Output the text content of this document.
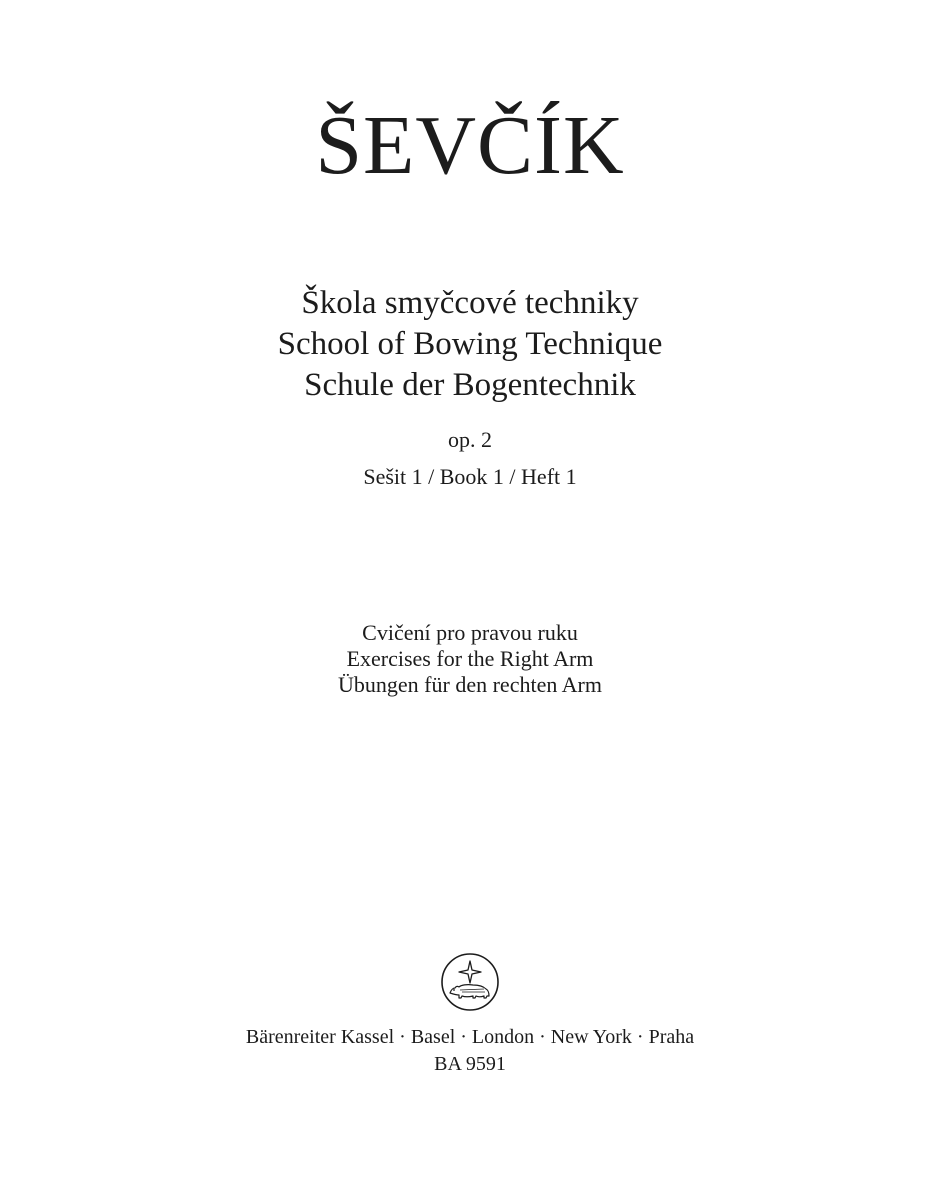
ŠEVČÍK
Škola smyčcové techniky
School of Bowing Technique
Schule der Bogentechnik
op. 2
Sešit 1 / Book 1 / Heft 1
Cvičení pro pravou ruku
Exercises for the Right Arm
Übungen für den rechten Arm
Bärenreiter Kassel · Basel · London · New York · Praha
BA 9591
